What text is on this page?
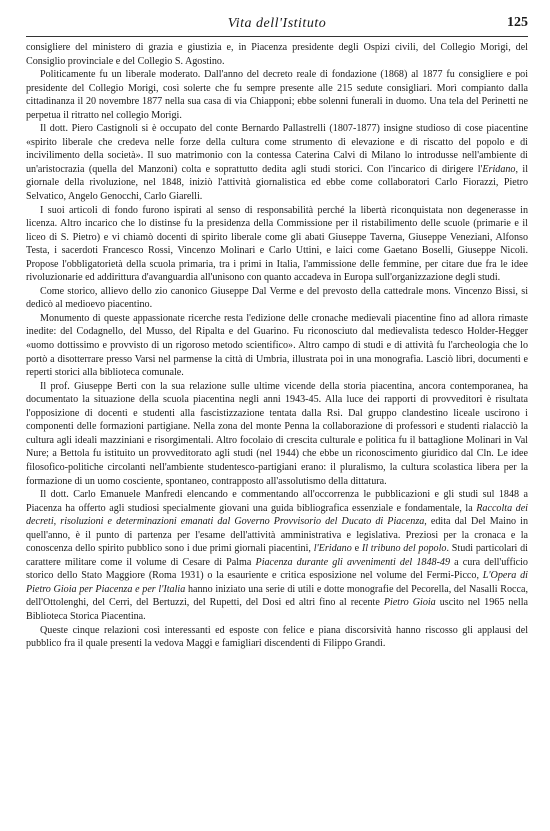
Vita dell'Istituto	125

consigliere del ministero di grazia e giustizia e, in Piacenza presidente degli Ospizi civili, del Collegio Morigi, del Consiglio provinciale e del Collegio S. Agostino.

Politicamente fu un liberale moderato. Dall'anno del decreto reale di fondazione (1868) al 1877 fu consigliere e poi presidente del Collegio Morigi, così solerte che fu sempre presente alle 215 sedute consigliari. Morì compianto dalla cittadinanza il 20 novembre 1877 nella sua casa di via Chiapponi; ebbe solenni funerali in duomo. Una tela del Perinetti ne perpetua il ritratto nel collegio Morigi.

Il dott. Piero Castignoli si è occupato del conte Bernardo Pallastrelli (1807-1877) insigne studioso di cose piacentine «spirito liberale che credeva nelle forze della cultura come strumento di elevazione e di riscatto del popolo e di incivilimento della società». Il suo matrimonio con la contessa Caterina Calvi di Milano lo introdusse nell'ambiente di un'aristocrazia (quella del Manzoni) colta e soprattutto dedita agli studi storici. Con l'incarico di dirigere l'Eridano, il giornale della rivoluzione, nel 1848, iniziò l'attività giornalistica ed ebbe come collaboratori Carlo Fiorazzi, Pietro Selvatico, Angelo Genocchi, Carlo Giarelli.

I suoi articoli di fondo furono ispirati al senso di responsabilità perché la libertà riconquistata non degenerasse in licenza. Altro incarico che lo distinse fu la presidenza della Commissione per il ristabilimento delle scuole (primarie e il liceo di S. Pietro) e vi chiamò docenti di spirito liberale come gli abati Giuseppe Taverna, Giuseppe Veneziani, Alfonso Testa, i sacerdoti Francesco Rossi, Vincenzo Molinari e Carlo Uttini, e laici come Gaetano Boselli, Giuseppe Nicoli. Propose l'obbligatorietà della scuola primaria, tra i primi in Italia, l'ammissione delle femmine, per citare due fra le idee rivoluzionarie ed addirittura d'avanguardia all'unisono con quanto accadeva in Europa sull'organizzazione degli studi.

Come storico, allievo dello zio canonico Giuseppe Dal Verme e del prevosto della cattedrale mons. Vincenzo Bissi, si dedicò al medioevo piacentino.

Monumento di queste appassionate ricerche resta l'edizione delle cronache medievali piacentine fino ad allora rimaste inedite: del Codagnello, del Musso, del Ripalta e del Guarino. Fu riconosciuto dal medievalista tedesco Holder-Hegger «uomo dottissimo e provvisto di un rigoroso metodo scientifico». Altro campo di studi e di attività fu l'archeologia che lo portò a disotterrare presso Varsi nel parmense la città di Umbria, illustrata poi in una monografia. Lasciò libri, documenti e reperti storici alla biblioteca comunale.

Il prof. Giuseppe Berti con la sua relazione sulle ultime vicende della storia piacentina, ancora contemporanea, ha documentato la situazione della scuola piacentina negli anni 1943-45. Alla luce dei rapporti di provveditori è risultata l'opposizione di docenti e studenti alla fascistizzazione tentata dalla Rsi. Dal gruppo clandestino liceale uscirono i componenti delle formazioni partigiane. Nella zona del monte Penna la collaborazione di professori e studenti rialacciò la cultura agli ideali mazziniani e risorgimentali. Altro focolaio di crescita culturale e politica fu il battaglione Molinari in Val Nure; a Bettola fu istituito un provveditorato agli studi (nel 1944) che ebbe un riconoscimento giuridico dal Cln. Le idee filosofico-politiche circolanti nell'ambiente studentesco-partigiani erano: il pluralismo, la cultura scolastica libera per la formazione di un uomo cosciente, spontaneo, contrapposto all'assolutismo della dittatura.

Il dott. Carlo Emanuele Manfredi elencando e commentando all'occorrenza le pubblicazioni e gli studi sul 1848 a Piacenza ha offerto agli studiosi specialmente giovani una guida bibliografica essenziale e fondamentale, la Raccolta dei decreti, risoluzioni e determinazioni emanati dal Governo Provvisorio del Ducato di Piacenza, edita dal Del Maino in quell'anno, è il punto di partenza per l'esame dell'attività amministrativa e legislativa. Preziosi per la cronaca e la conoscenza dello spirito pubblico sono i due primi giornali piacentini, l'Eridano e Il tribuno del popolo. Studi particolari di carattere militare come il volume di Cesare di Palma Piacenza durante gli avvenimenti del 1848-49 a cura dell'ufficio storico dello Stato Maggiore (Roma 1931) o la esauriente e critica esposizione nel volume del Fermi-Picco, L'Opera di Pietro Gioia per Piacenza e per l'Italia hanno iniziato una serie di utili e dotte monografie del Pecorella, del Nasalli Rocca, dell'Ottolenghi, del Cerri, del Bertuzzi, del Rupetti, del Dosi ed altri fino al recente Pietro Gioia uscito nel 1965 nella Biblioteca Storica Piacentina.

Queste cinque relazioni così interessanti ed esposte con felice e piana discorsività hanno riscosso gli applausi del pubblico fra il quale presenti la vedova Maggi e famigliari discendenti di Filippo Grandi.
